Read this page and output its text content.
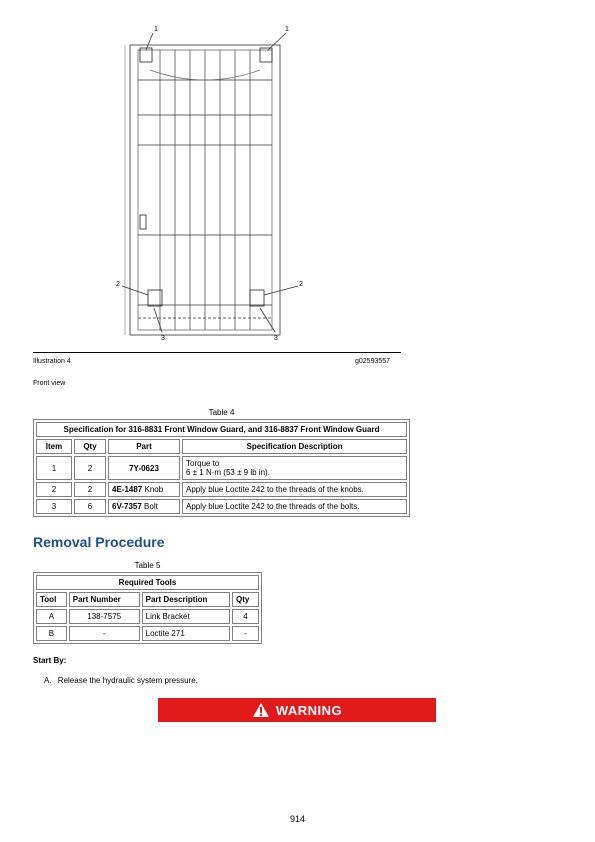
1	1
2	2
3	3
Illustration 4	g02593557
Front view
Table 4
Specification for 316-8831 Front Window Guard, and 316-8837 Front Window Guard			
Item	Qty	Part	Specification Description
1	2	7Y-0623	Torque to
6 ± 1 N·m (53 ± 9 lb in).
2	2	4E-1487 Knob	Apply blue Loctite 242 to the threads of the knobs.
3	6	6V-7357 Bolt	Apply blue Loctite 242 to the threads of the bolts.
Removal Procedure
Table 5
Required Tools			
Tool	Part Number	Part Description	Qty
A	138-7575	Link Bracket	4
B	-	Loctite 271	-
Start By:
A. Release the hydraulic system pressure.
WARNING
914
